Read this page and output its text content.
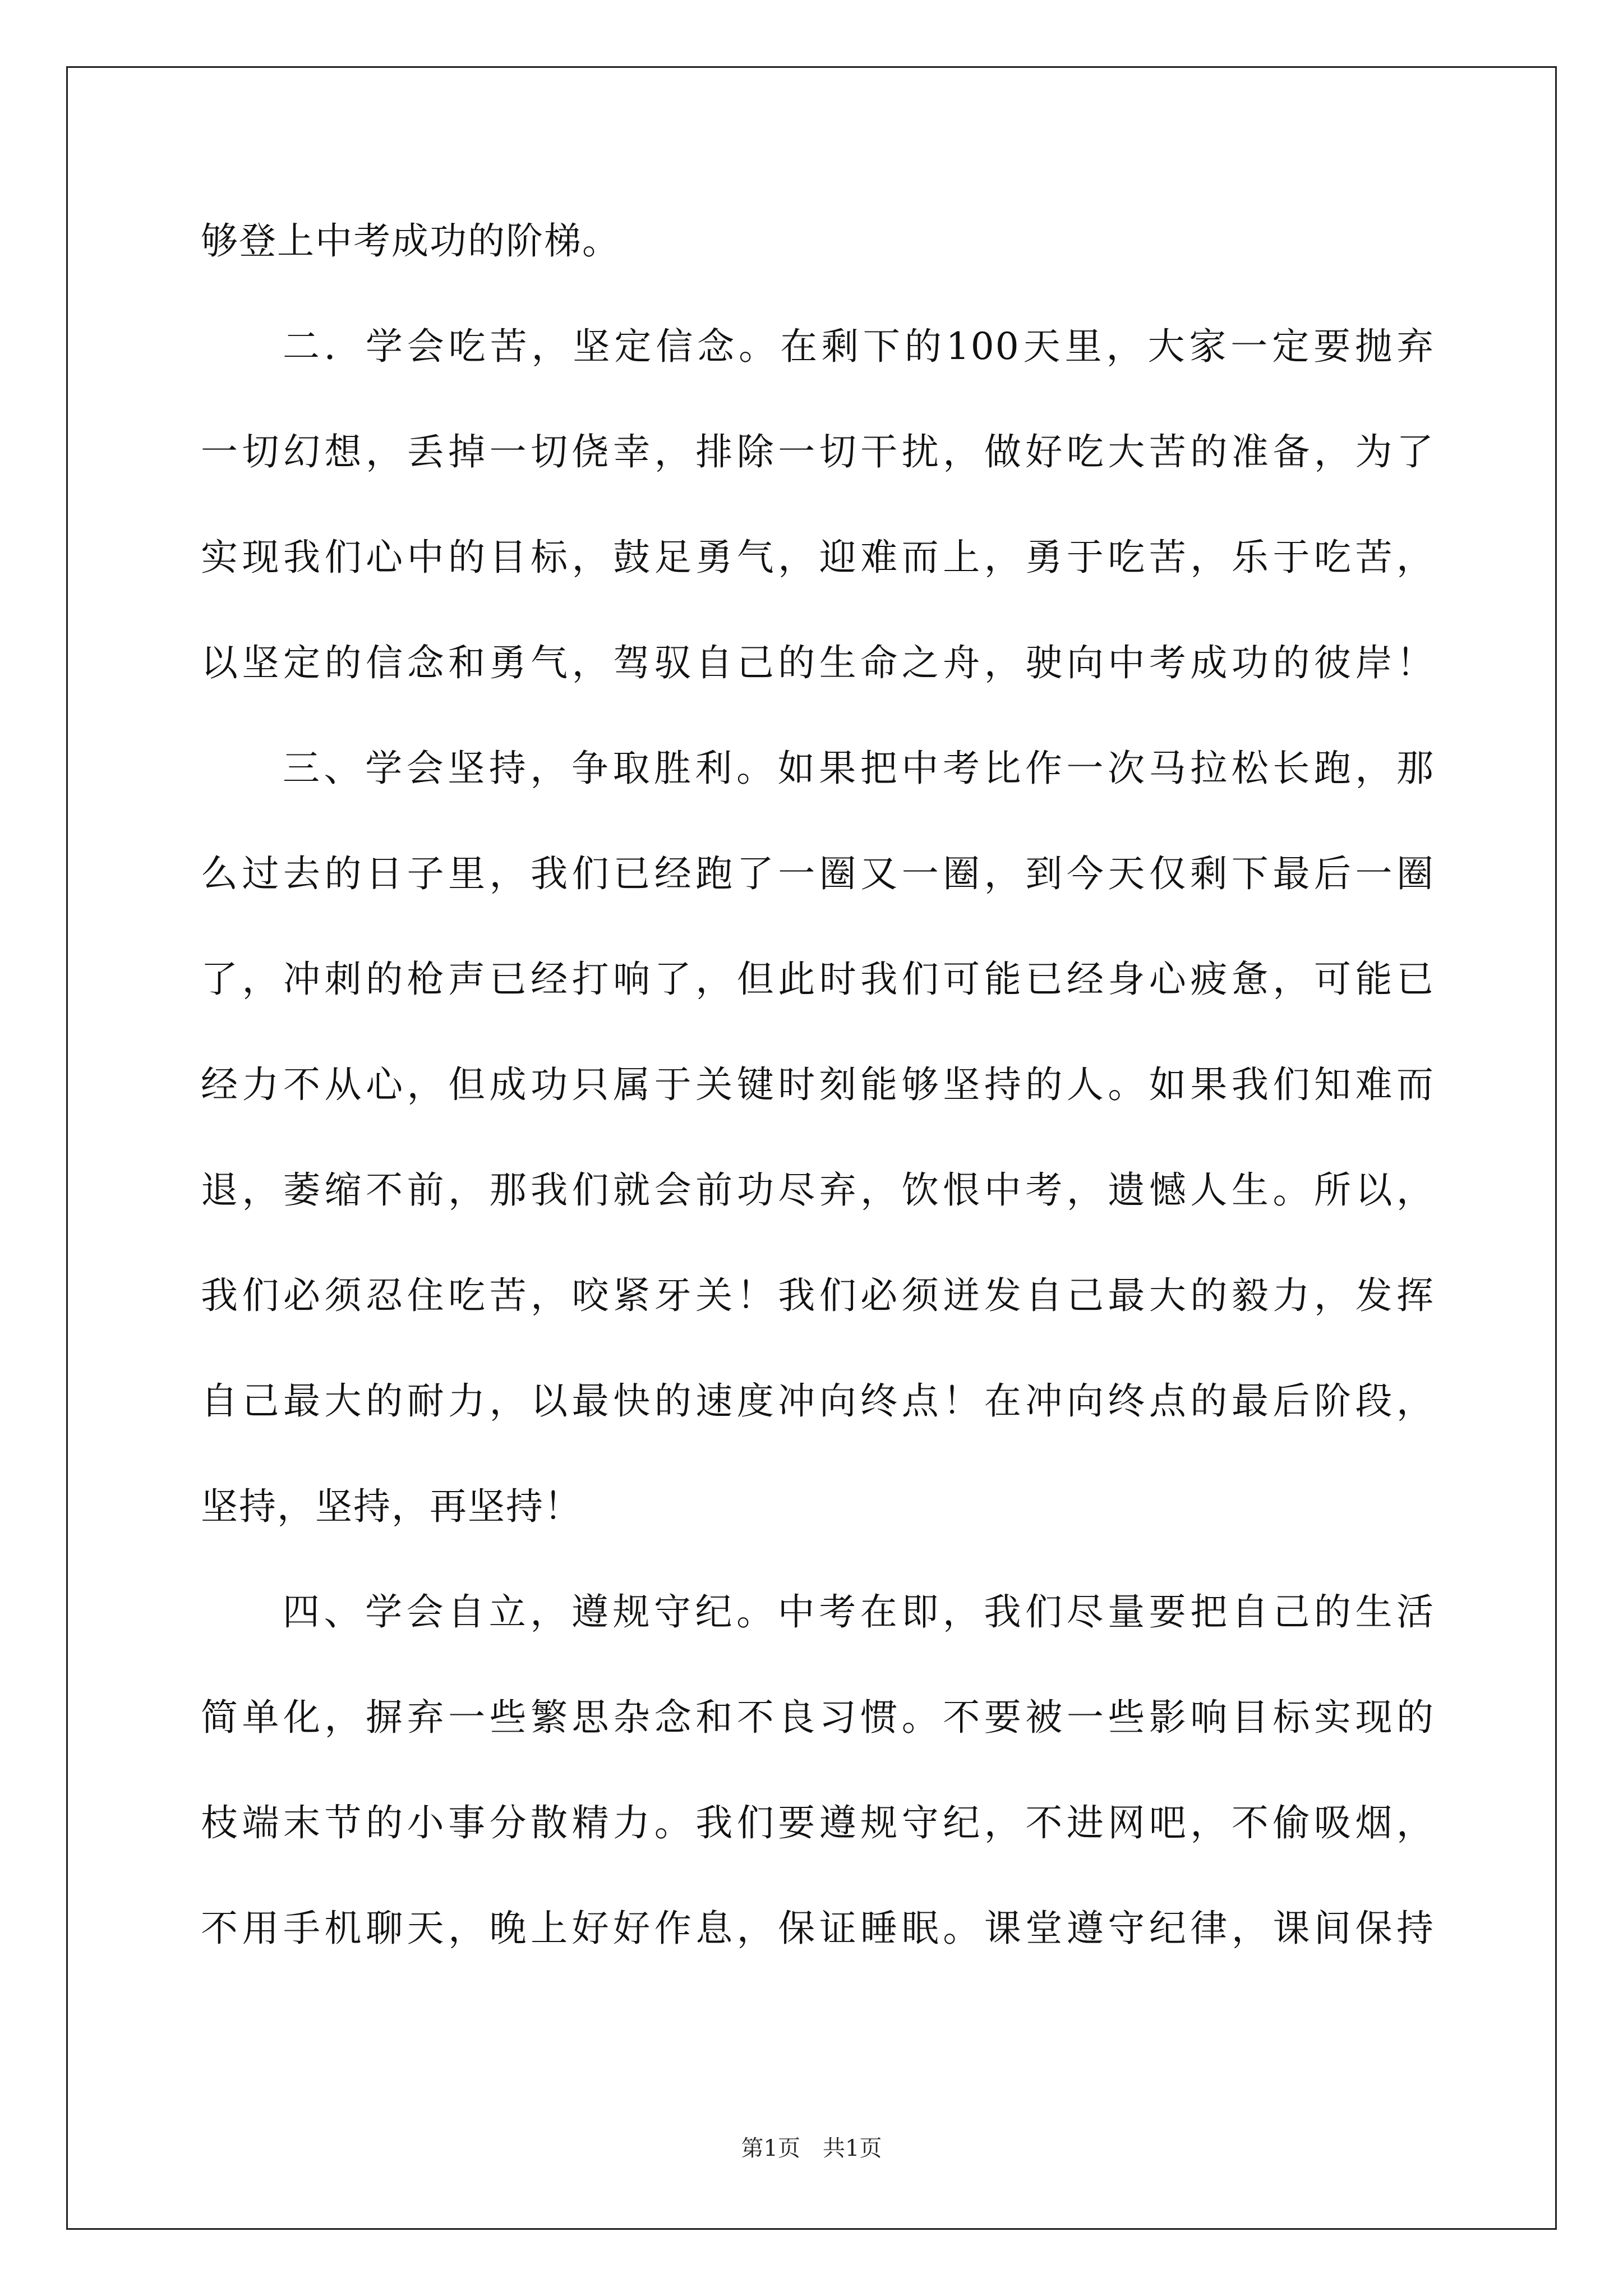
够登上中考成功的阶梯。
二．学会吃苦，坚定信念。在剩下的100天里，大家一定要抛弃
一切幻想，丢掉一切侥幸，排除一切干扰，做好吃大苦的准备，为了
实现我们心中的目标，鼓足勇气，迎难而上，勇于吃苦，乐于吃苦，
以坚定的信念和勇气，驾驭自己的生命之舟，驶向中考成功的彼岸！
三、学会坚持，争取胜利。如果把中考比作一次马拉松长跑，那
么过去的日子里，我们已经跑了一圈又一圈，到今天仅剩下最后一圈
了，冲刺的枪声已经打响了，但此时我们可能已经身心疲惫，可能已
经力不从心，但成功只属于关键时刻能够坚持的人。如果我们知难而
退，萎缩不前，那我们就会前功尽弃，饮恨中考，遗憾人生。所以，
我们必须忍住吃苦，咬紧牙关！我们必须迸发自己最大的毅力，发挥
自己最大的耐力，以最快的速度冲向终点！在冲向终点的最后阶段，
坚持，坚持，再坚持！
四、学会自立，遵规守纪。中考在即，我们尽量要把自己的生活
简单化，摒弃一些繁思杂念和不良习惯。不要被一些影响目标实现的
枝端末节的小事分散精力。我们要遵规守纪，不进网吧，不偷吸烟，
不用手机聊天，晚上好好作息，保证睡眠。课堂遵守纪律，课间保持
第1页　共1页
